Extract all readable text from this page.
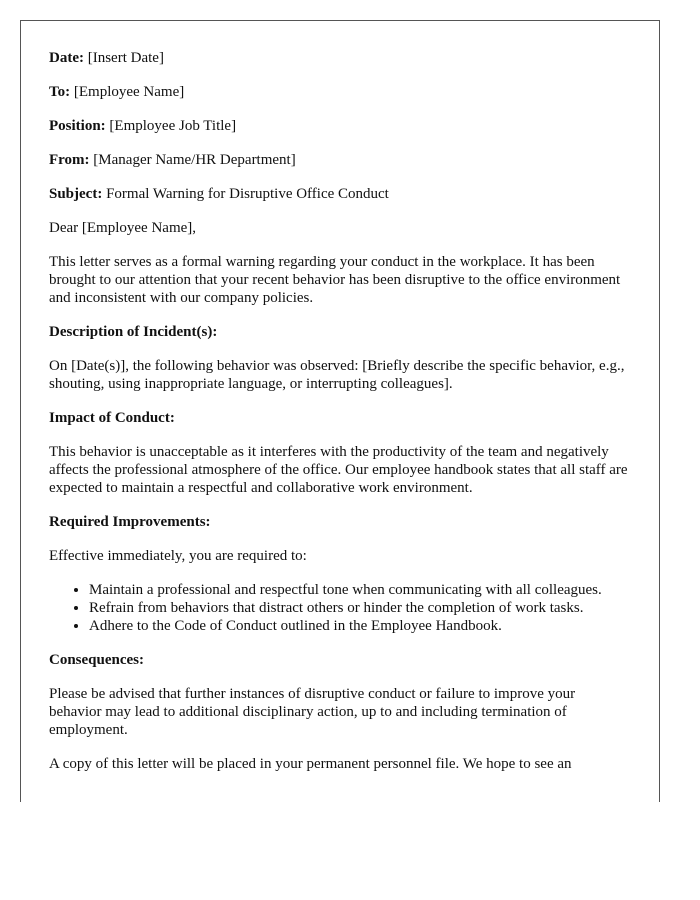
Date: [Insert Date]

To: [Employee Name]

Position: [Employee Job Title]

From: [Manager Name/HR Department]

Subject: Formal Warning for Disruptive Office Conduct

Dear [Employee Name],

This letter serves as a formal warning regarding your conduct in the workplace. It has been brought to our attention that your recent behavior has been disruptive to the office environment and inconsistent with our company policies.

Description of Incident(s):

On [Date(s)], the following behavior was observed: [Briefly describe the specific behavior, e.g., shouting, using inappropriate language, or interrupting colleagues].

Impact of Conduct:

This behavior is unacceptable as it interferes with the productivity of the team and negatively affects the professional atmosphere of the office. Our employee handbook states that all staff are expected to maintain a respectful and collaborative work environment.

Required Improvements:

Effective immediately, you are required to:

• Maintain a professional and respectful tone when communicating with all colleagues.
• Refrain from behaviors that distract others or hinder the completion of work tasks.
• Adhere to the Code of Conduct outlined in the Employee Handbook.

Consequences:

Please be advised that further instances of disruptive conduct or failure to improve your behavior may lead to additional disciplinary action, up to and including termination of employment.

A copy of this letter will be placed in your permanent personnel file. We hope to see an
